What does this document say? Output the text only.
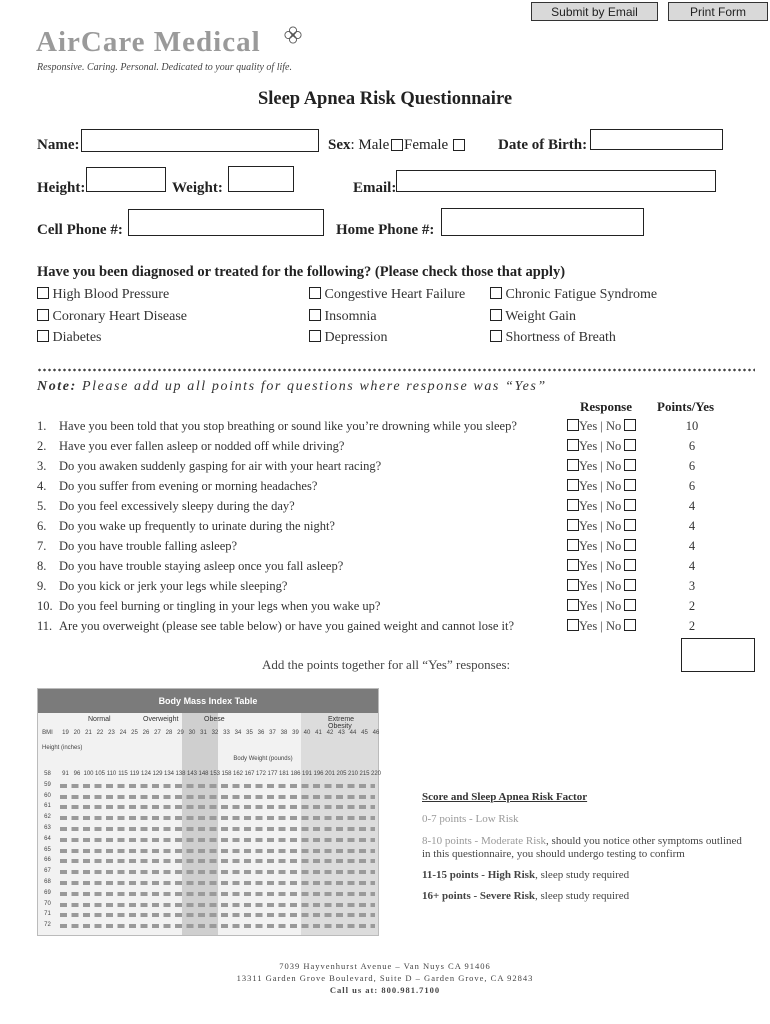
Submit by Email	Print Form
AirCare Medical
Responsive. Caring. Personal. Dedicated to your quality of life.
Sleep Apnea Risk Questionnaire
Name:	Sex: Male Female	Date of Birth:
Height:	Weight:	Email:
Cell Phone #:	Home Phone #:
Have you been diagnosed or treated for the following? (Please check those that apply)
High Blood Pressure	Congestive Heart Failure	Chronic Fatigue Syndrome
Coronary Heart Disease	Insomnia	Weight Gain
Diabetes	Depression	Shortness of Breath
Note: Please add up all points for questions where response was “Yes”
Response Points/Yes
1. Have you been told that you stop breathing or sound like you’re drowning while you sleep?	Yes | No	10
2. Have you ever fallen asleep or nodded off while driving?	Yes | No	6
3. Do you awaken suddenly gasping for air with your heart racing?	Yes | No	6
4. Do you suffer from evening or morning headaches?	Yes | No	6
5. Do you feel excessively sleepy during the day?	Yes | No	4
6. Do you wake up frequently to urinate during the night?	Yes | No	4
7. Do you have trouble falling asleep?	Yes | No	4
8. Do you have trouble staying asleep once you fall asleep?	Yes | No	4
9. Do you kick or jerk your legs while sleeping?	Yes | No	3
10. Do you feel burning or tingling in your legs when you wake up?	Yes | No	2
11. Are you overweight (please see table below) or have you gained weight and cannot lose it?	Yes | No	2
Add the points together for all “Yes” responses:
Body Mass Index Table
Normal	Overweight	Obese	Extreme Obesity
BMI	19 20 21 22 23 24 25 26 27 28 29 30 31 32 33 34 35 36 37 38 39 40 41 42 43 44 45 46
Height (inches)
Body Weight (pounds)
58	91 96 100 105 110 115 119 124 129 134 138 143 148 153 158 162 167 172 177 181 186 191 196 201 205 210 215 220
59
60
61
62
63
64
65
66
67
68
69
70
71
72
Score and Sleep Apnea Risk Factor
0-7 points - Low Risk
8-10 points - Moderate Risk, should you notice other symptoms outlined in this questionnaire, you should undergo testing to confirm
11-15 points - High Risk, sleep study required
16+ points - Severe Risk, sleep study required
7039 Hayvenhurst Avenue – Van Nuys CA 91406
13311 Garden Grove Boulevard, Suite D – Garden Grove, CA 92843
Call us at: 800.981.7100
